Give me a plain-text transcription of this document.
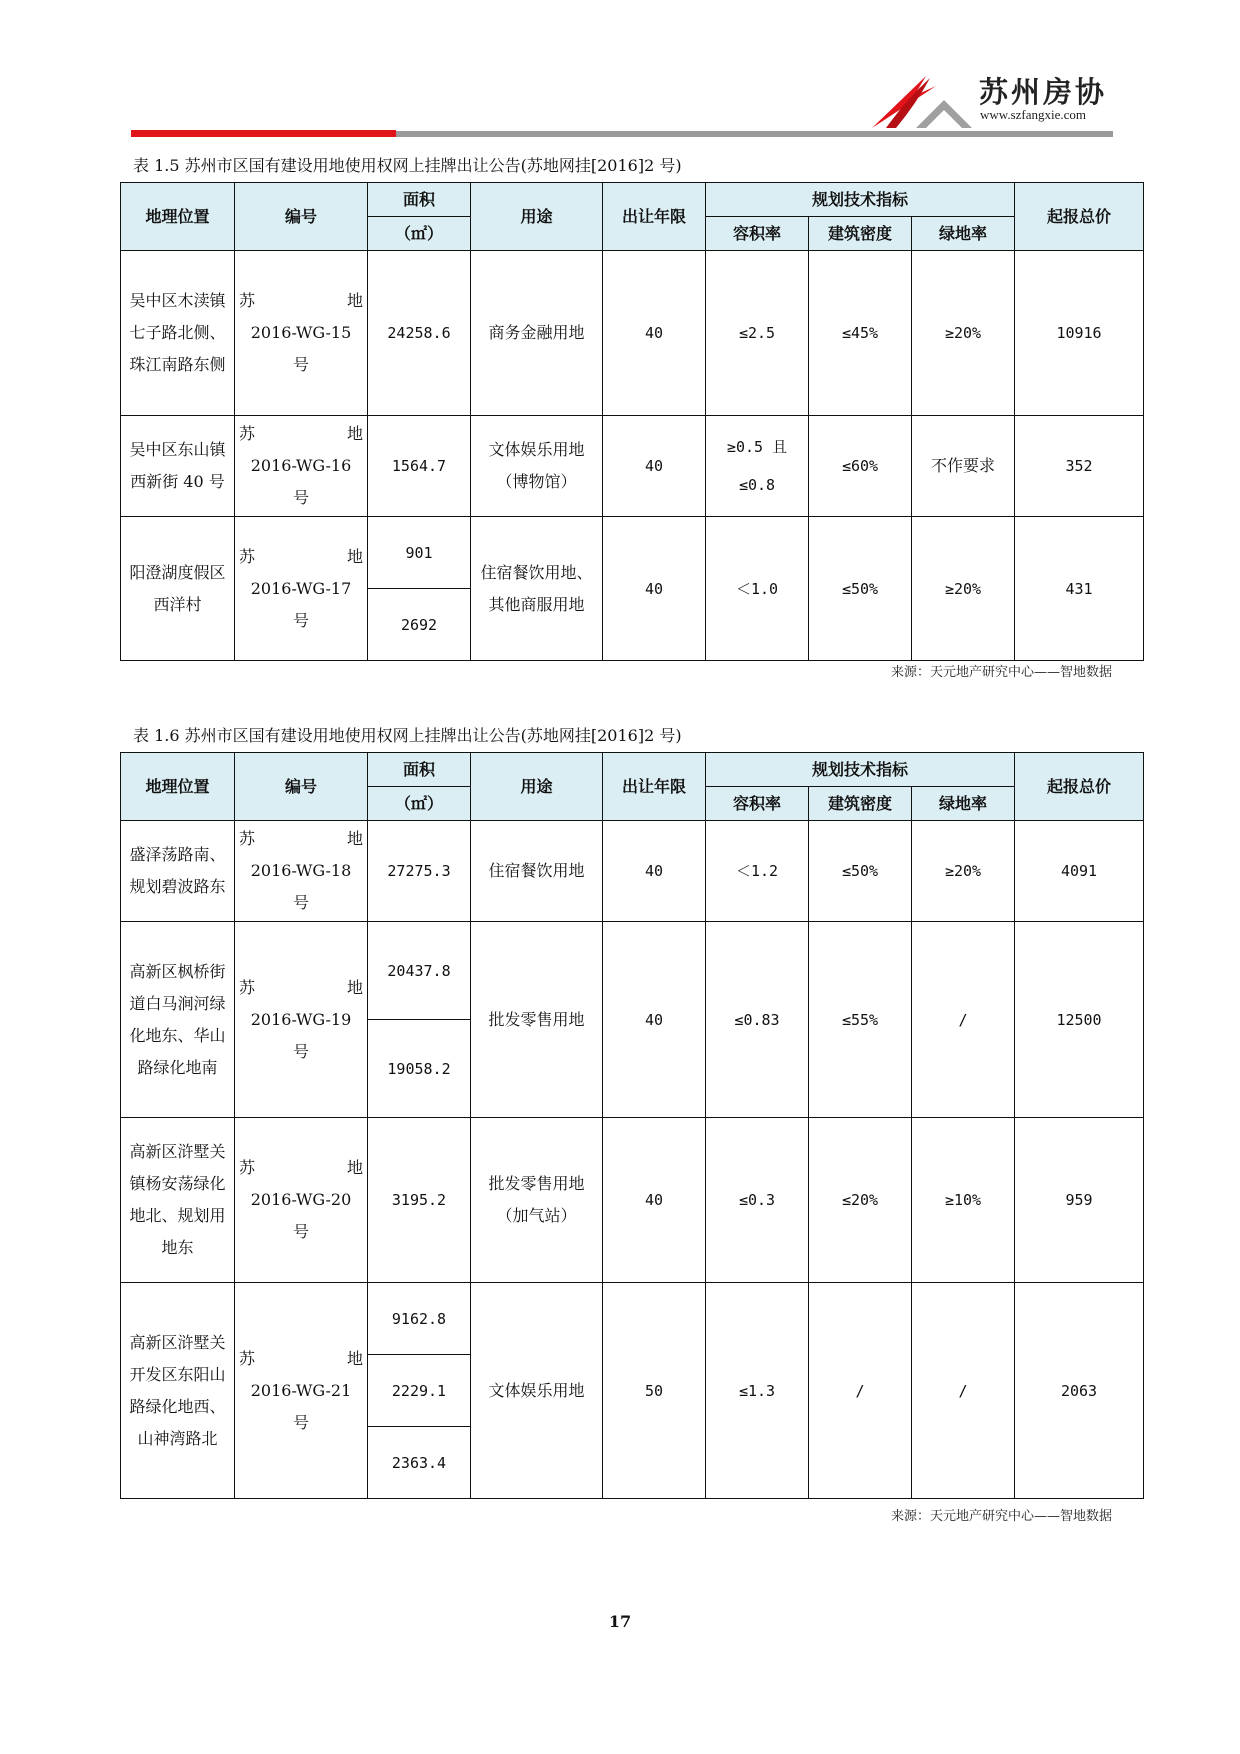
苏州房协
www.szfangxie.com
表 1.5 苏州市区国有建设用地使用权网上挂牌出让公告(苏地网挂[2016]2 号)
地理位置	编号	面积	用途	出让年限	规划技术指标			起报总价
		（㎡）			容积率	建筑密度	绿地率	
吴中区木渎镇七子路北侧、珠江南路东侧	苏 地
2016-WG-15
号	24258.6	商务金融用地	40	≤2.5	≤45%	≥20%	10916
吴中区东山镇西新街 40 号	苏 地
2016-WG-16
号	1564.7	文体娱乐用地（博物馆）	40	≥0.5 且≤0.8	≤60%	不作要求	352
阳澄湖度假区西洋村	苏 地
2016-WG-17
号	901	住宿餐饮用地、其他商服用地	40	＜1.0	≤50%	≥20%	431
		2692						
来源：天元地产研究中心——智地数据
表 1.6 苏州市区国有建设用地使用权网上挂牌出让公告(苏地网挂[2016]2 号)
地理位置	编号	面积	用途	出让年限	规划技术指标			起报总价
		（㎡）			容积率	建筑密度	绿地率	
盛泽荡路南、规划碧波路东	苏 地
2016-WG-18
号	27275.3	住宿餐饮用地	40	＜1.2	≤50%	≥20%	4091
高新区枫桥街道白马涧河绿化地东、华山路绿化地南	苏 地
2016-WG-19
号	20437.8	批发零售用地	40	≤0.83	≤55%	/	12500
		19058.2						
高新区浒墅关镇杨安荡绿化地北、规划用地东	苏 地
2016-WG-20
号	3195.2	批发零售用地（加气站）	40	≤0.3	≤20%	≥10%	959
高新区浒墅关开发区东阳山路绿化地西、山神湾路北	苏 地
2016-WG-21
号	9162.8	文体娱乐用地	50	≤1.3	/	/	2063
		2229.1						
		2363.4						
来源：天元地产研究中心——智地数据
17
